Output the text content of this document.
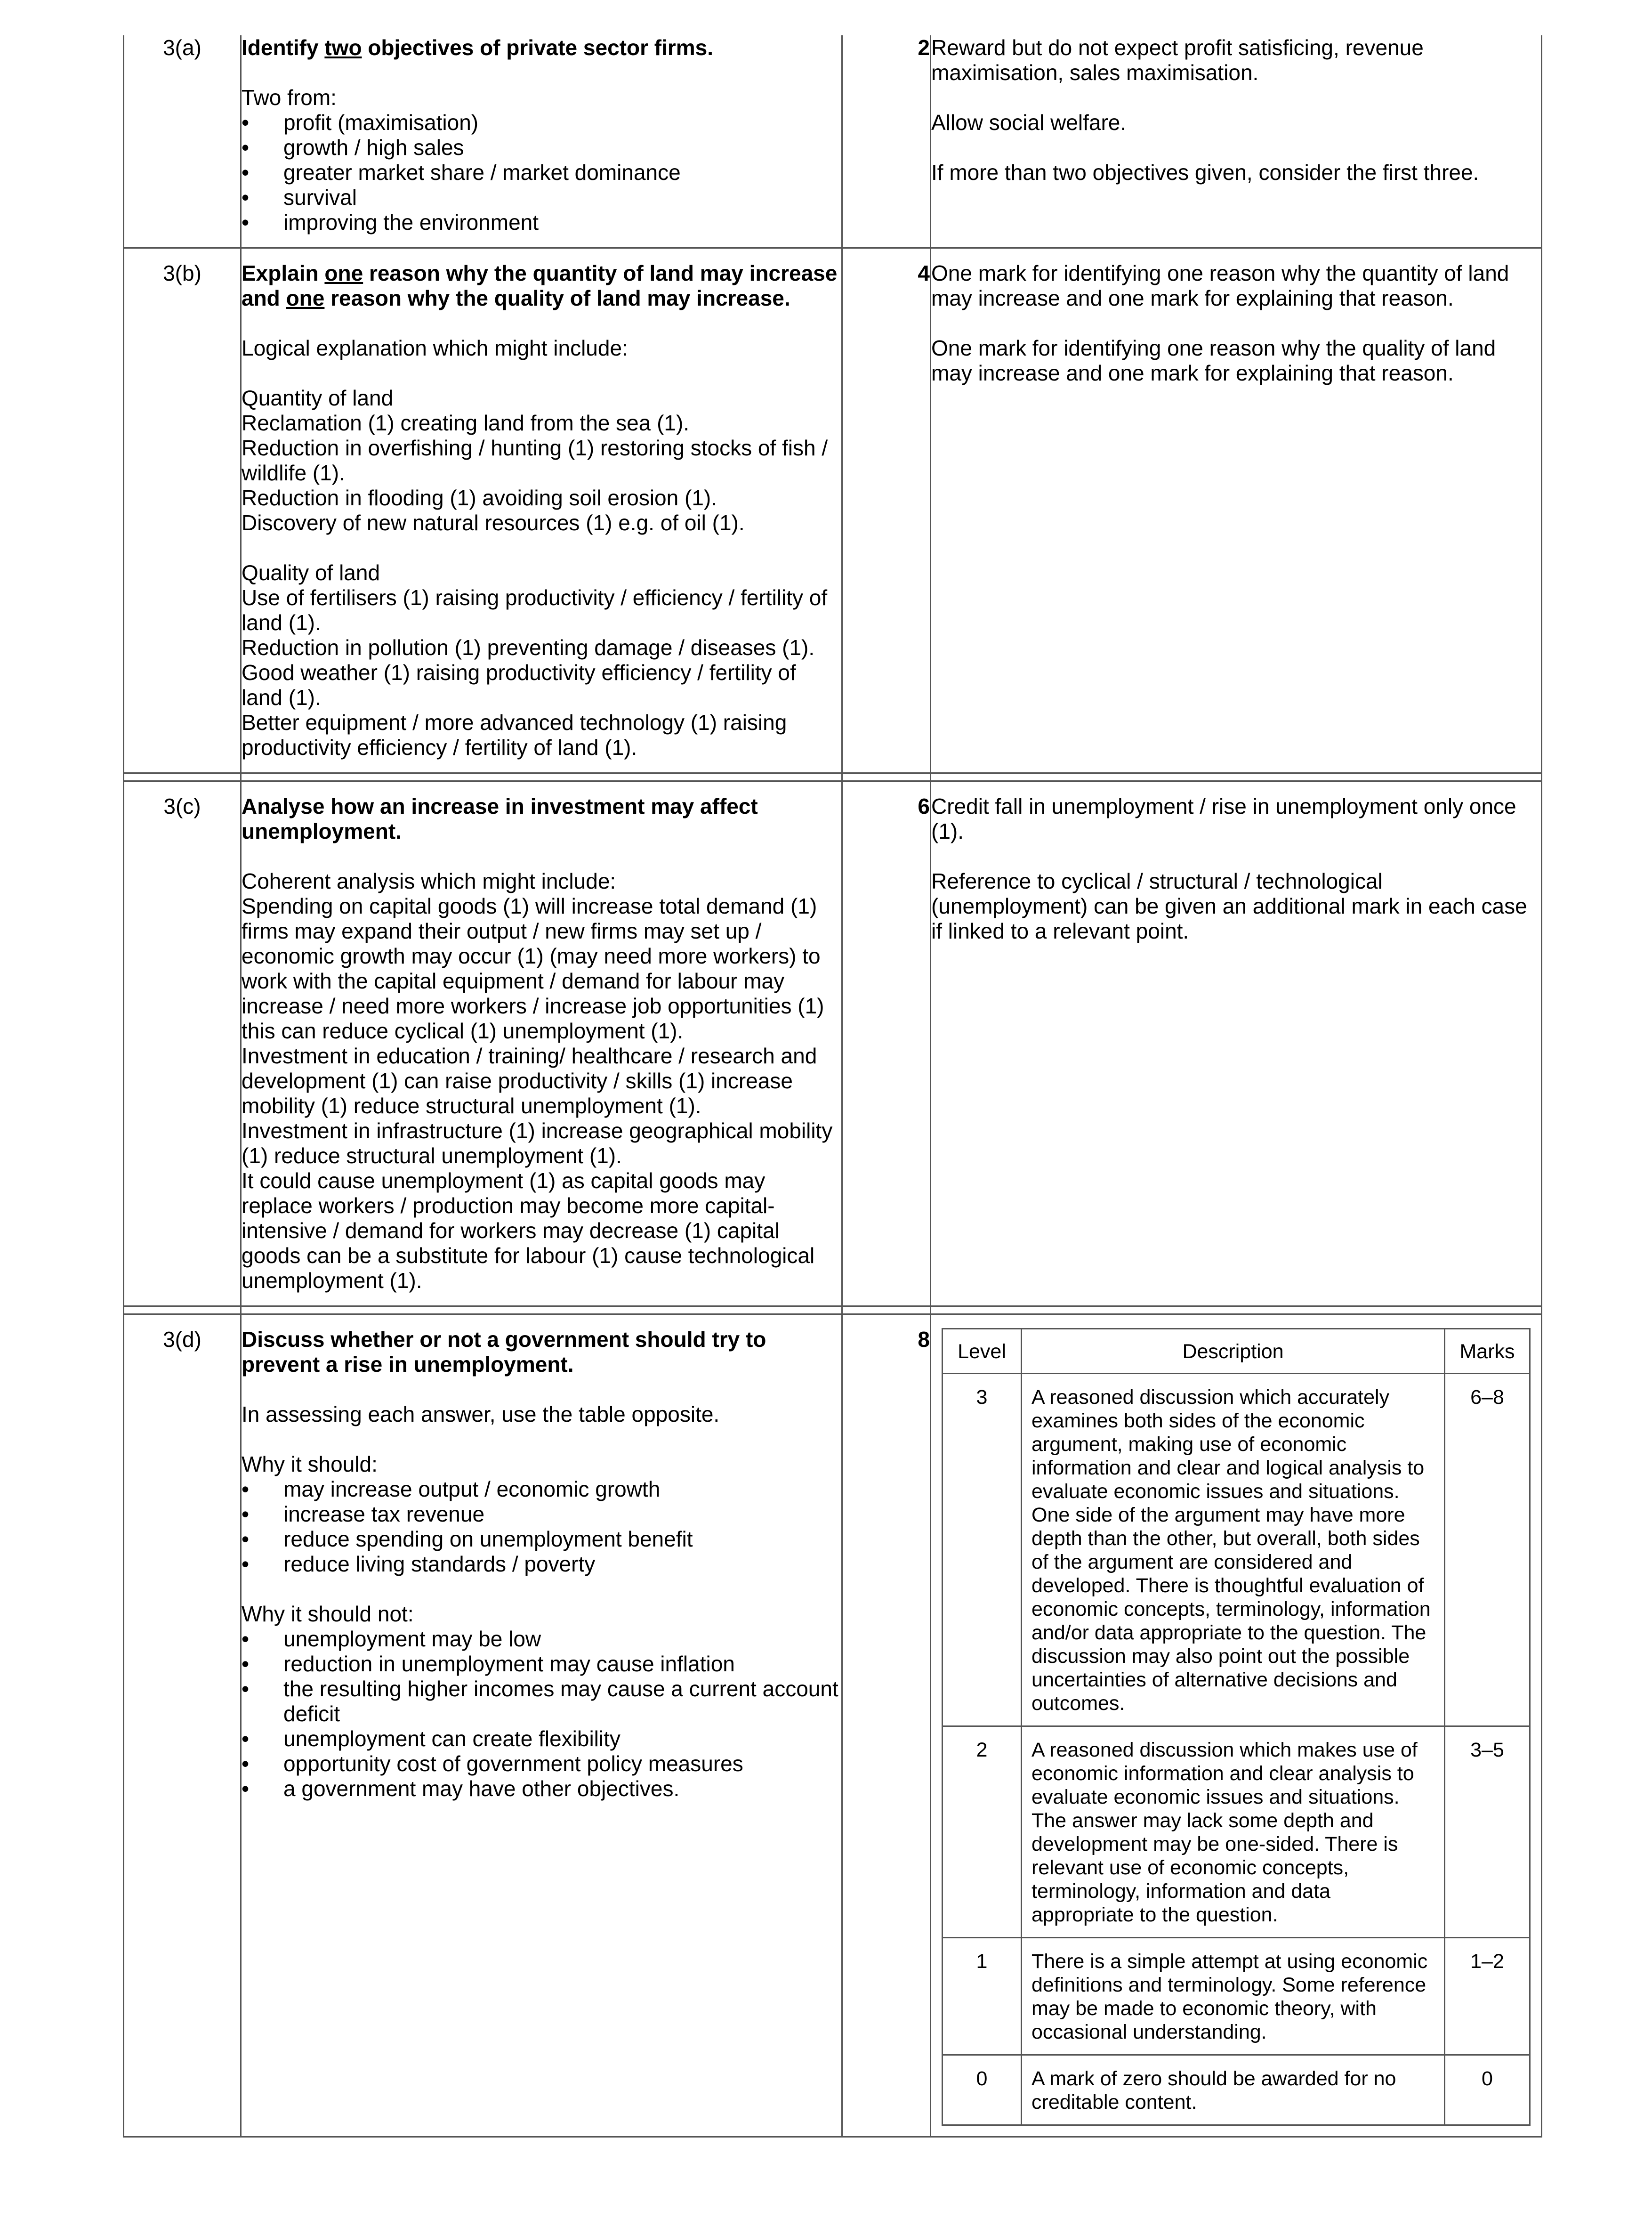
3(a)	Identify two objectives of private sector firms.

Two from:

• profit (maximisation)
• growth / high sales
• greater market share / market dominance
• survival
• improving the environment
	2	Reward but do not expect profit satisficing, revenue maximisation, sales maximisation.

Allow social welfare.

If more than two objectives given, consider the first three.

3(b)	Explain one reason why the quantity of land may increase and one reason why the quality of land may increase.

Logical explanation which might include:

Quantity of land

Reclamation (1) creating land from the sea (1).

Reduction in overfishing / hunting (1) restoring stocks of fish / wildlife (1).

Reduction in flooding (1) avoiding soil erosion (1).

Discovery of new natural resources (1) e.g. of oil (1).

Quality of land

Use of fertilisers (1) raising productivity / efficiency / fertility of land (1).

Reduction in pollution (1) preventing damage / diseases (1).

Good weather (1) raising productivity efficiency / fertility of land (1).

Better equipment / more advanced technology (1) raising productivity efficiency / fertility of land (1).

	4	One mark for identifying one reason why the quantity of land may increase and one mark for explaining that reason.

One mark for identifying one reason why the quality of land may increase and one mark for explaining that reason.

3(c)	Analyse how an increase in investment may affect unemployment.

Coherent analysis which might include:

Spending on capital goods (1) will increase total demand (1) firms may expand their output / new firms may set up / economic growth may occur (1) (may need more workers) to work with the capital equipment / demand for labour may increase / need more workers / increase job opportunities (1) this can reduce cyclical (1) unemployment (1).

Investment in education / training/ healthcare / research and development (1) can raise productivity / skills (1) increase mobility (1) reduce structural unemployment (1).

Investment in infrastructure (1) increase geographical mobility (1) reduce structural unemployment (1).

It could cause unemployment (1) as capital goods may replace workers / production may become more capital-intensive / demand for workers may decrease (1) capital goods can be a substitute for labour (1) cause technological unemployment (1).

	6	Credit fall in unemployment / rise in unemployment only once (1).

Reference to cyclical / structural / technological (unemployment) can be given an additional mark in each case if linked to a relevant point.

3(d)	Discuss whether or not a government should try to prevent a rise in unemployment.

In assessing each answer, use the table opposite.

Why it should:

• may increase output / economic growth
• increase tax revenue
• reduce spending on unemployment benefit
• reduce living standards / poverty

Why it should not:

• unemployment may be low
• reduction in unemployment may cause inflation
• the resulting higher incomes may cause a current account deficit
• unemployment can create flexibility
• opportunity cost of government policy measures
• a government may have other objectives.
	8	Level	Description	Marks
3	A reasoned discussion which accurately examines both sides of the economic argument, making use of economic information and clear and logical analysis to evaluate economic issues and situations. One side of the argument may have more depth than the other, but overall, both sides of the argument are considered and developed. There is thoughtful evaluation of economic concepts, terminology, information and/or data appropriate to the question. The discussion may also point out the possible uncertainties of alternative decisions and outcomes.	6–8
2	A reasoned discussion which makes use of economic information and clear analysis to evaluate economic issues and situations. The answer may lack some depth and development may be one-sided. There is relevant use of economic concepts, terminology, information and data appropriate to the question.	3–5
1	There is a simple attempt at using economic definitions and terminology. Some reference may be made to economic theory, with occasional understanding.	1–2
0	A mark of zero should be awarded for no creditable content.	0
